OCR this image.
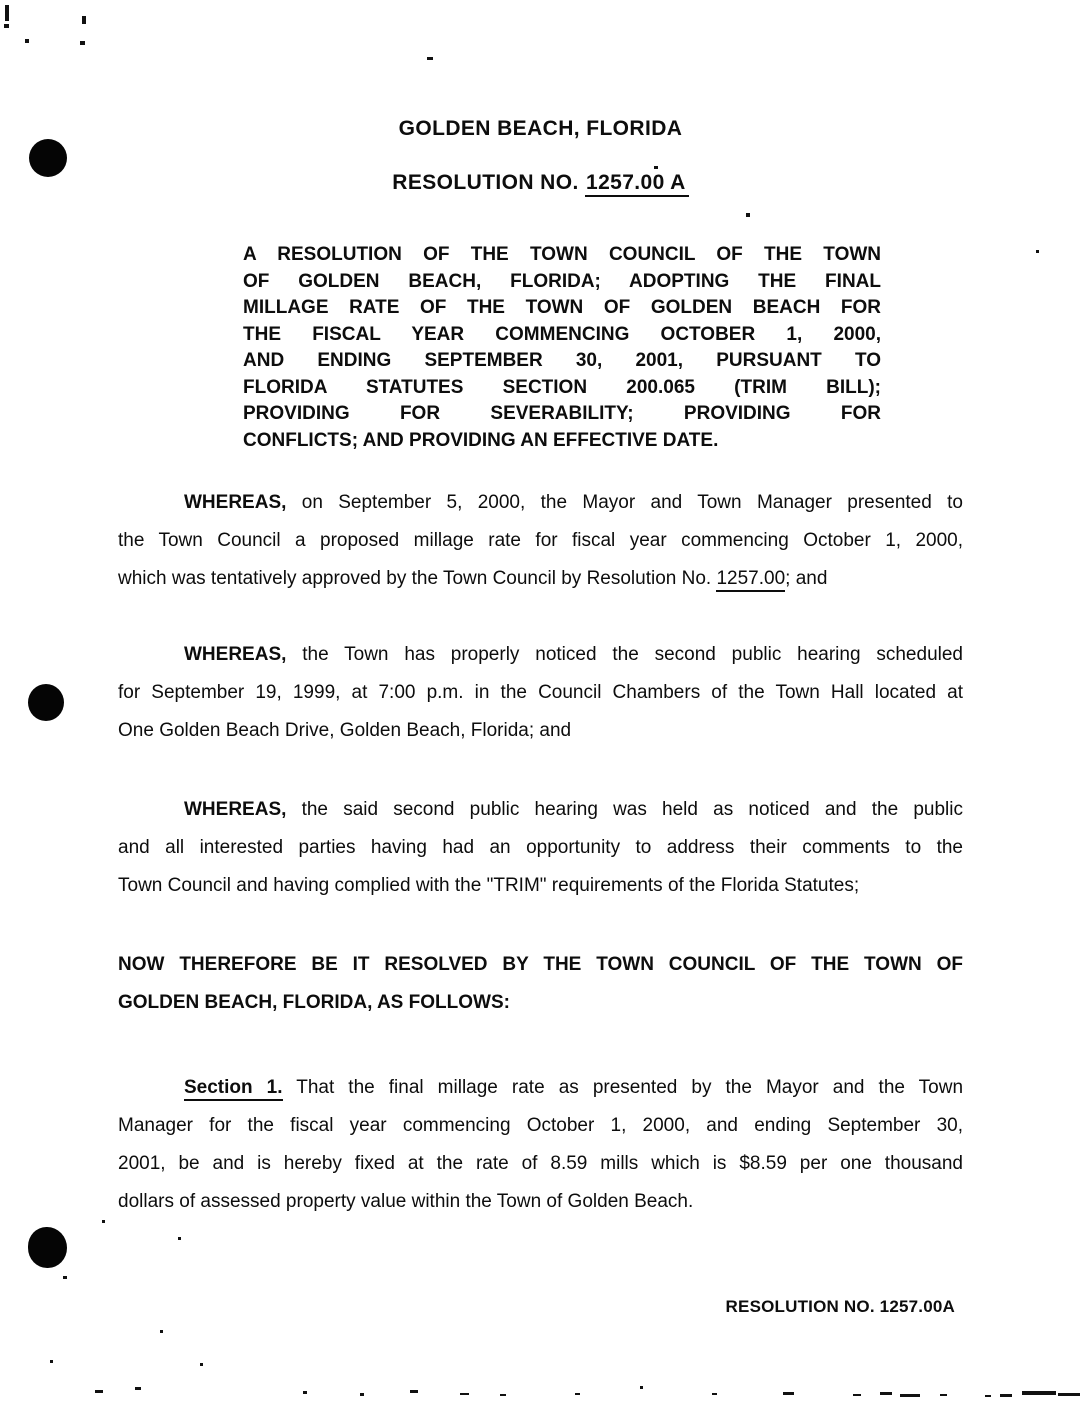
GOLDEN BEACH, FLORIDA
RESOLUTION NO. 1257.00 A
A RESOLUTION OF THE TOWN COUNCIL OF THE TOWN
OF GOLDEN BEACH, FLORIDA; ADOPTING THE FINAL
MILLAGE RATE OF THE TOWN OF GOLDEN BEACH FOR
THE FISCAL YEAR COMMENCING OCTOBER 1, 2000,
AND ENDING SEPTEMBER 30, 2001, PURSUANT TO
FLORIDA STATUTES SECTION 200.065 (TRIM BILL);
PROVIDING FOR SEVERABILITY; PROVIDING FOR
CONFLICTS; AND PROVIDING AN EFFECTIVE DATE.
WHEREAS, on September 5, 2000, the Mayor and Town Manager presented to
the Town Council a proposed millage rate for fiscal year commencing October 1, 2000,
which was tentatively approved by the Town Council by Resolution No. 1257.00; and
WHEREAS, the Town has properly noticed the second public hearing scheduled
for September 19, 1999, at 7:00 p.m. in the Council Chambers of the Town Hall located at
One Golden Beach Drive, Golden Beach, Florida; and
WHEREAS, the said second public hearing was held as noticed and the public
and all interested parties having had an opportunity to address their comments to the
Town Council and having complied with the "TRIM" requirements of the Florida Statutes;
NOW THEREFORE BE IT RESOLVED BY THE TOWN COUNCIL OF THE TOWN OF
GOLDEN BEACH, FLORIDA, AS FOLLOWS:
Section 1. That the final millage rate as presented by the Mayor and the Town
Manager for the fiscal year commencing October 1, 2000, and ending September 30,
2001, be and is hereby fixed at the rate of 8.59 mills which is $8.59 per one thousand
dollars of assessed property value within the Town of Golden Beach.
RESOLUTION NO. 1257.00A
